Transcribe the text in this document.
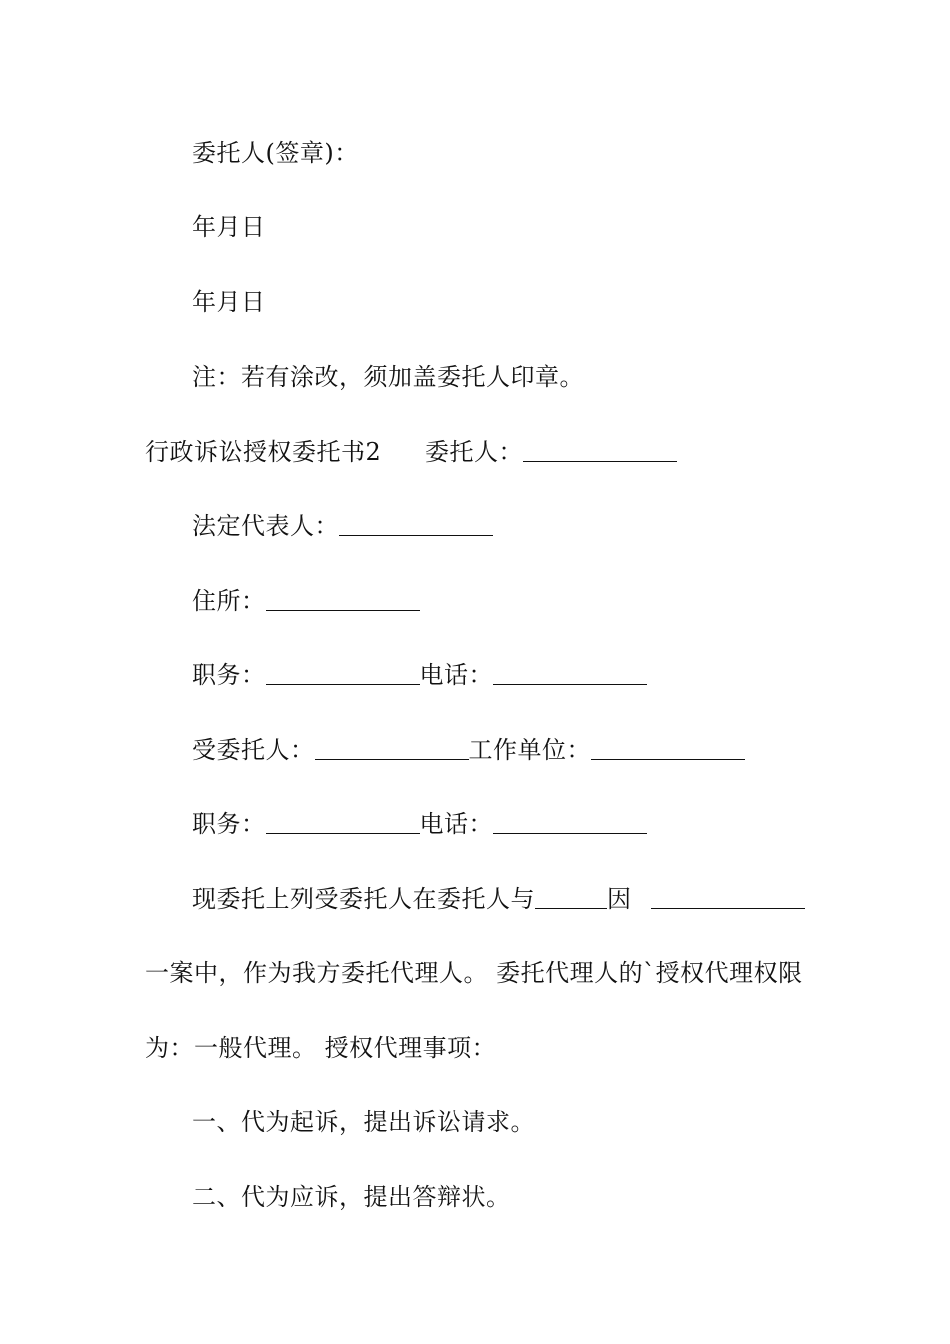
委托人(签章)：
年月日
年月日
注：若有涂改，须加盖委托人印章。
行政诉讼授权委托书2 委托人：
法定代表人：
住所：
职务：	电话：
受委托人：	工作单位：
职务：	电话：
现委托上列受委托人在委托人与	因
一案中，作为我方委托代理人。 委托代理人的`授权代理权限
为：一般代理。 授权代理事项：
一、代为起诉，提出诉讼请求。
二、代为应诉，提出答辩状。
